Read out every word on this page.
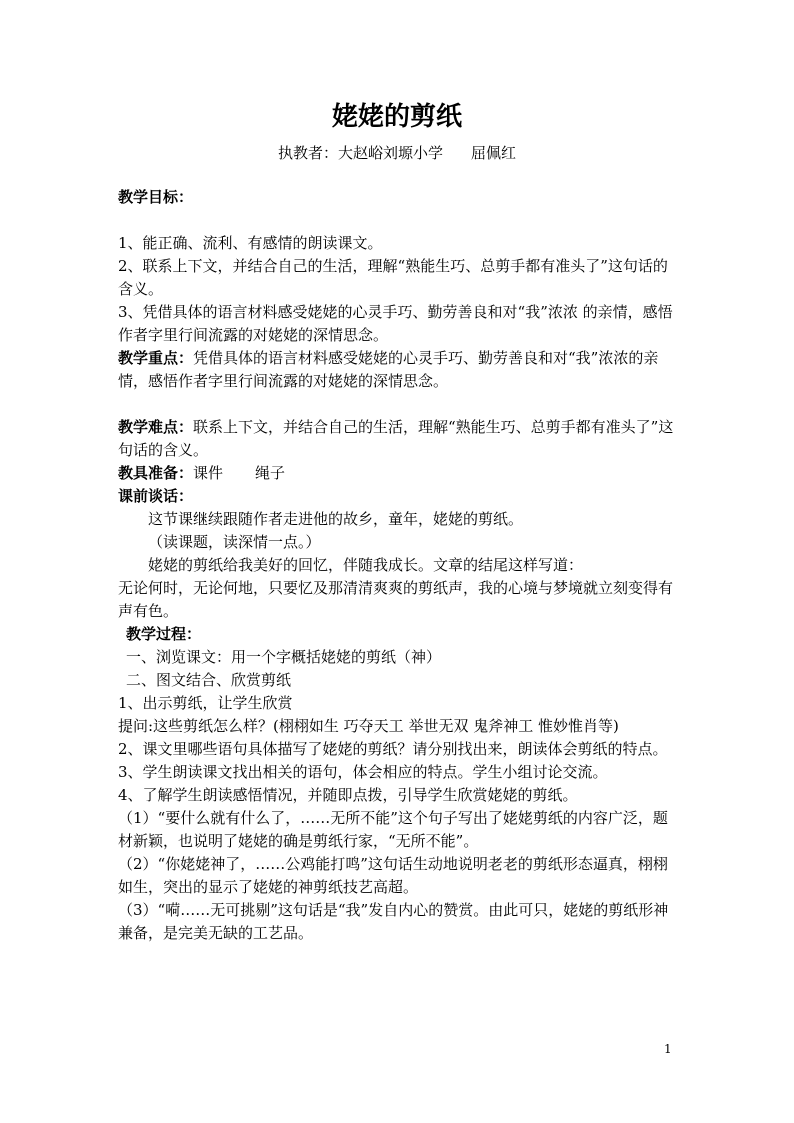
姥姥的剪纸
执教者：大赵峪刘塬小学 屈佩红

教学目标：

1、能正确、流利、有感情的朗读课文。

2、联系上下文，并结合自己的生活，理解“熟能生巧、总剪手都有准头了”这句话的含义。

3、凭借具体的语言材料感受姥姥的心灵手巧、勤劳善良和对“我”浓浓 的亲情，感悟作者字里行间流露的对姥姥的深情思念。

教学重点：凭借具体的语言材料感受姥姥的心灵手巧、勤劳善良和对“我”浓浓的亲情，感悟作者字里行间流露的对姥姥的深情思念。

教学难点：联系上下文，并结合自己的生活，理解“熟能生巧、总剪手都有准头了”这句话的含义。

教具准备：课件 绳子

课前谈话：

这节课继续跟随作者走进他的故乡，童年，姥姥的剪纸。

（读课题，读深情一点。）

姥姥的剪纸给我美好的回忆，伴随我成长。文章的结尾这样写道：

无论何时，无论何地，只要忆及那清清爽爽的剪纸声，我的心境与梦境就立刻变得有声有色。

教学过程：

一、浏览课文：用一个字概括姥姥的剪纸（神）

二、图文结合、欣赏剪纸

1、出示剪纸，让学生欣赏

提问:这些剪纸怎么样？(栩栩如生 巧夺天工 举世无双 鬼斧神工 惟妙惟肖等)

2、课文里哪些语句具体描写了姥姥的剪纸？请分别找出来，朗读体会剪纸的特点。

3、学生朗读课文找出相关的语句，体会相应的特点。学生小组讨论交流。

4、了解学生朗读感悟情况，并随即点拨，引导学生欣赏姥姥的剪纸。

（1）“要什么就有什么了，……无所不能”这个句子写出了姥姥剪纸的内容广泛，题材新颖，也说明了姥姥的确是剪纸行家，“无所不能”。

（2）“你姥姥神了，……公鸡能打鸣”这句话生动地说明老老的剪纸形态逼真，栩栩如生，突出的显示了姥姥的神剪纸技艺高超。

（3）“嗬……无可挑剔”这句话是“我”发自内心的赞赏。由此可只，姥姥的剪纸形神兼备，是完美无缺的工艺品。

1
